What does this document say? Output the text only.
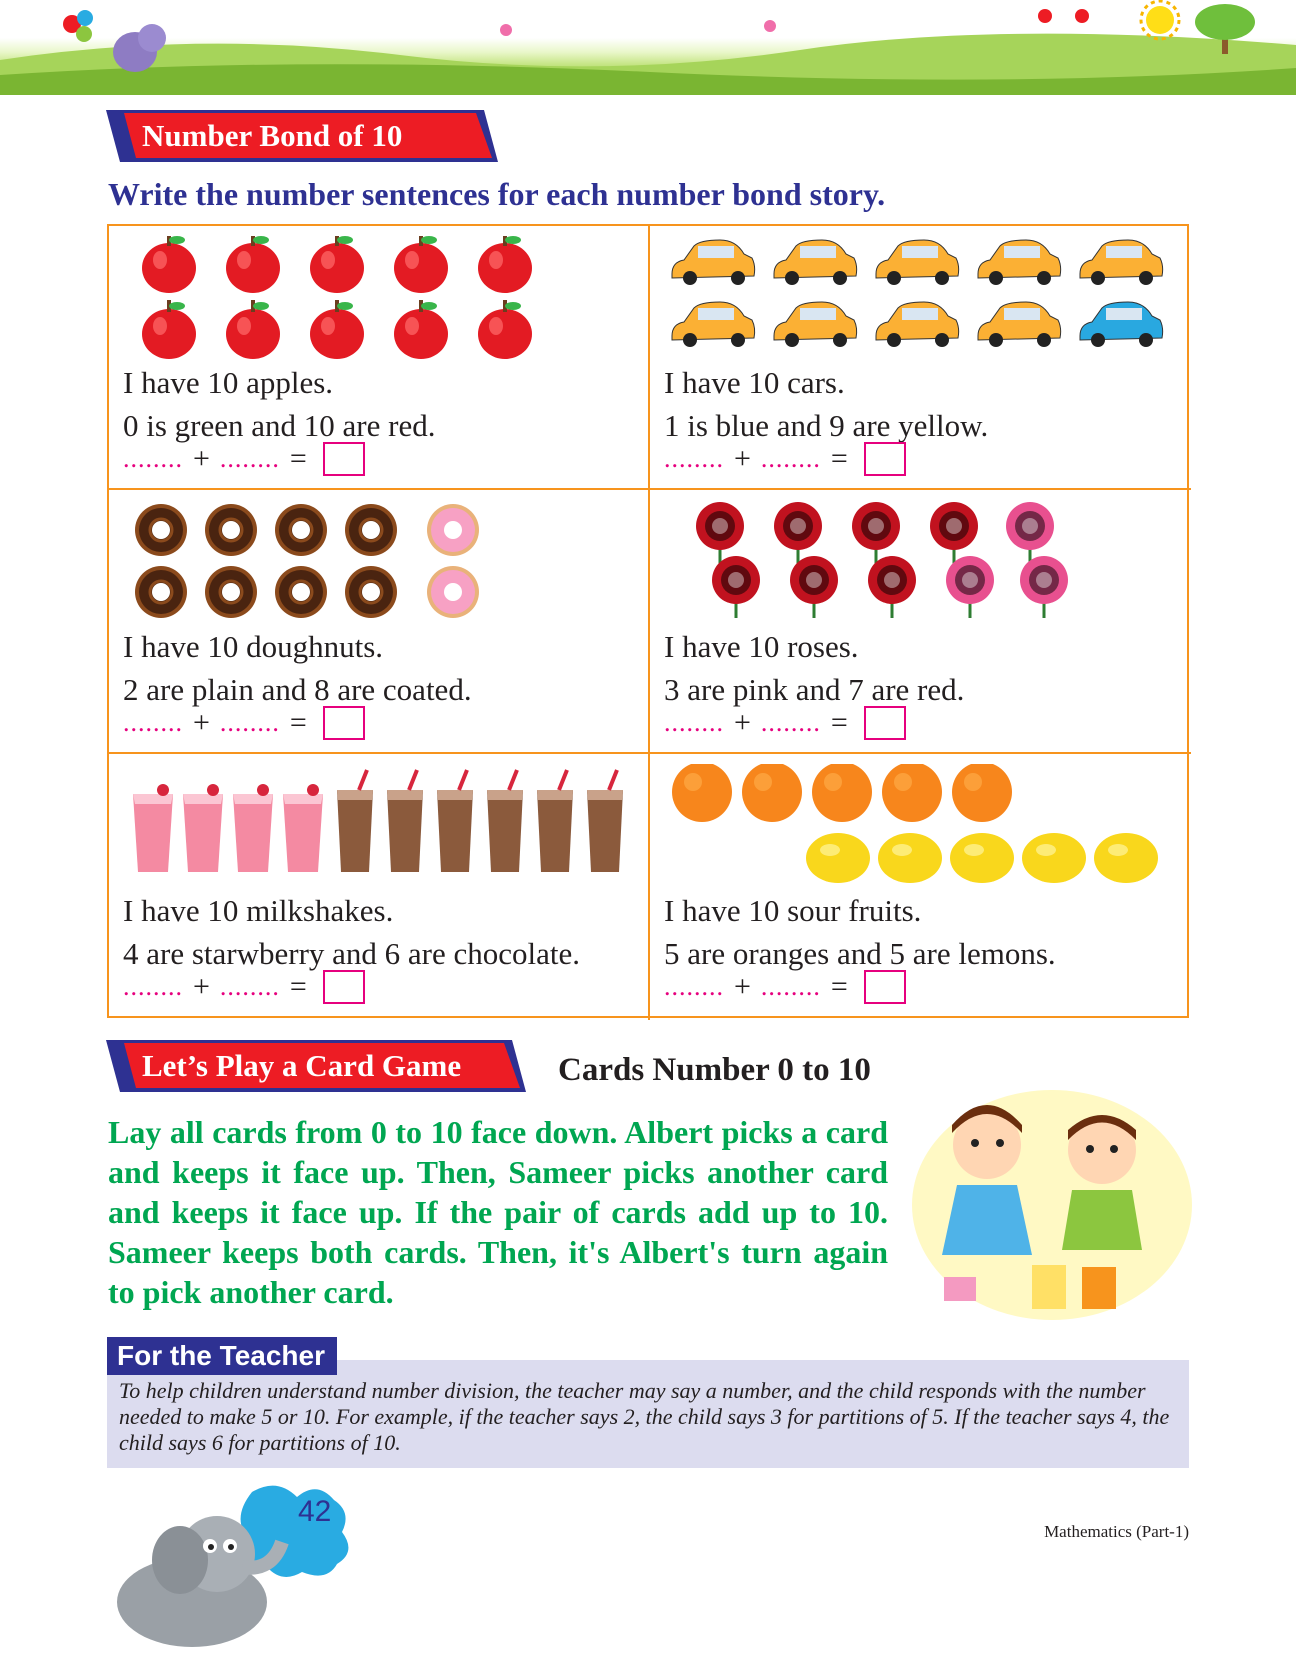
Number Bond of 10
Write the number sentences for each number bond story.
I have 10 apples.
0 is green and 10 are red.
........ + ........ =
I have 10 cars.
1 is blue and 9 are yellow.
........ + ........ =
I have 10 doughnuts.
2 are plain and 8 are coated.
........ + ........ =
I have 10 roses.
3 are pink and 7 are red.
........ + ........ =
I have 10 milkshakes.
4 are starwberry and 6 are chocolate.
........ + ........ =
I have 10 sour fruits.
5 are oranges and 5 are lemons.
........ + ........ =
Let’s Play a Card Game	Cards Number 0 to 10
Lay all cards from 0 to 10 face down. Albert picks a card and keeps it face up. Then, Sameer picks another card and keeps it face up. If the pair of cards add up to 10. Sameer keeps both cards. Then, it's Albert's turn again to pick another card.
To help children understand number division, the teacher may say a number, and the child responds with the number needed to make 5 or 10. For example, if the teacher says 2, the child says 3 for partitions of 5. If the teacher says 4, the child says 6 for partitions of 10.
For the Teacher
42
Mathematics (Part-1)
